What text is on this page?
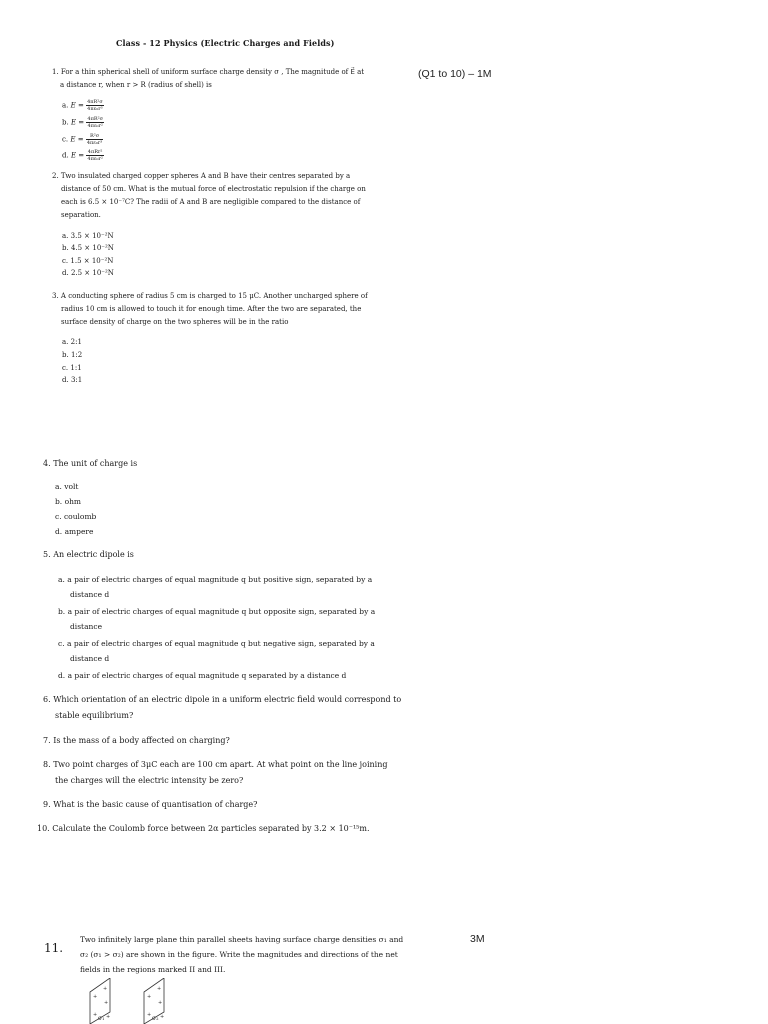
Class - 12 Physics (Electric Charges and Fields)
(Q1 to 10) – 1M
1. For a thin spherical shell of uniform surface charge density σ , The magnitude of E⃗ at
a distance r, when r > R (radius of shell) is
a. $E = \frac{\text{4πR²σ}}{\text{4πε₀r³}}$
b. $E = \frac{\text{4πR²σ}}{\text{4πε₀r²}}$
c. $E = \frac{\text{R²σ}}{\text{4πε₀r³}}$
d. $E = \frac{\text{4πRr²}}{\text{4πε₀r²}}$
2. Two insulated charged copper spheres A and B have their centres separated by a
distance of 50 cm. What is the mutual force of electrostatic repulsion if the charge on
each is 6.5 × 10⁻⁷C? The radii of A and B are negligible compared to the distance of
separation.
a. 3.5 × 10⁻²N
b. 4.5 × 10⁻²N
c. 1.5 × 10⁻²N
d. 2.5 × 10⁻²N
3. A conducting sphere of radius 5 cm is charged to 15 μC. Another uncharged sphere of
radius 10 cm is allowed to touch it for enough time. After the two are separated, the
surface density of charge on the two spheres will be in the ratio
a. 2:1
b. 1:2
c. 1:1
d. 3:1
4. The unit of charge is
a. volt
b. ohm
c. coulomb
d. ampere
5. An electric dipole is
a. a pair of electric charges of equal magnitude q but positive sign, separated by a
distance d
b. a pair of electric charges of equal magnitude q but opposite sign, separated by a
distance
c. a pair of electric charges of equal magnitude q but negative sign, separated by a
distance d
d. a pair of electric charges of equal magnitude q separated by a distance d
6. Which orientation of an electric dipole in a uniform electric field would correspond to
stable equilibrium?
7. Is the mass of a body affected on charging?
8. Two point charges of 3μC each are 100 cm apart. At what point on the line joining
the charges will the electric intensity be zero?
9. What is the basic cause of quantisation of charge?
10. Calculate the Coulomb force between 2α particles separated by 3.2 × 10⁻¹⁵m.
11.
Two infinitely large plane thin parallel sheets having surface charge densities σ₁ and
σ₂ (σ₁ > σ₂) are shown in the figure. Write the magnitudes and directions of the net
fields in the regions marked II and III.
3M
+
+
+
+ +
+
+
+
+ +
σ₁	σ₂
